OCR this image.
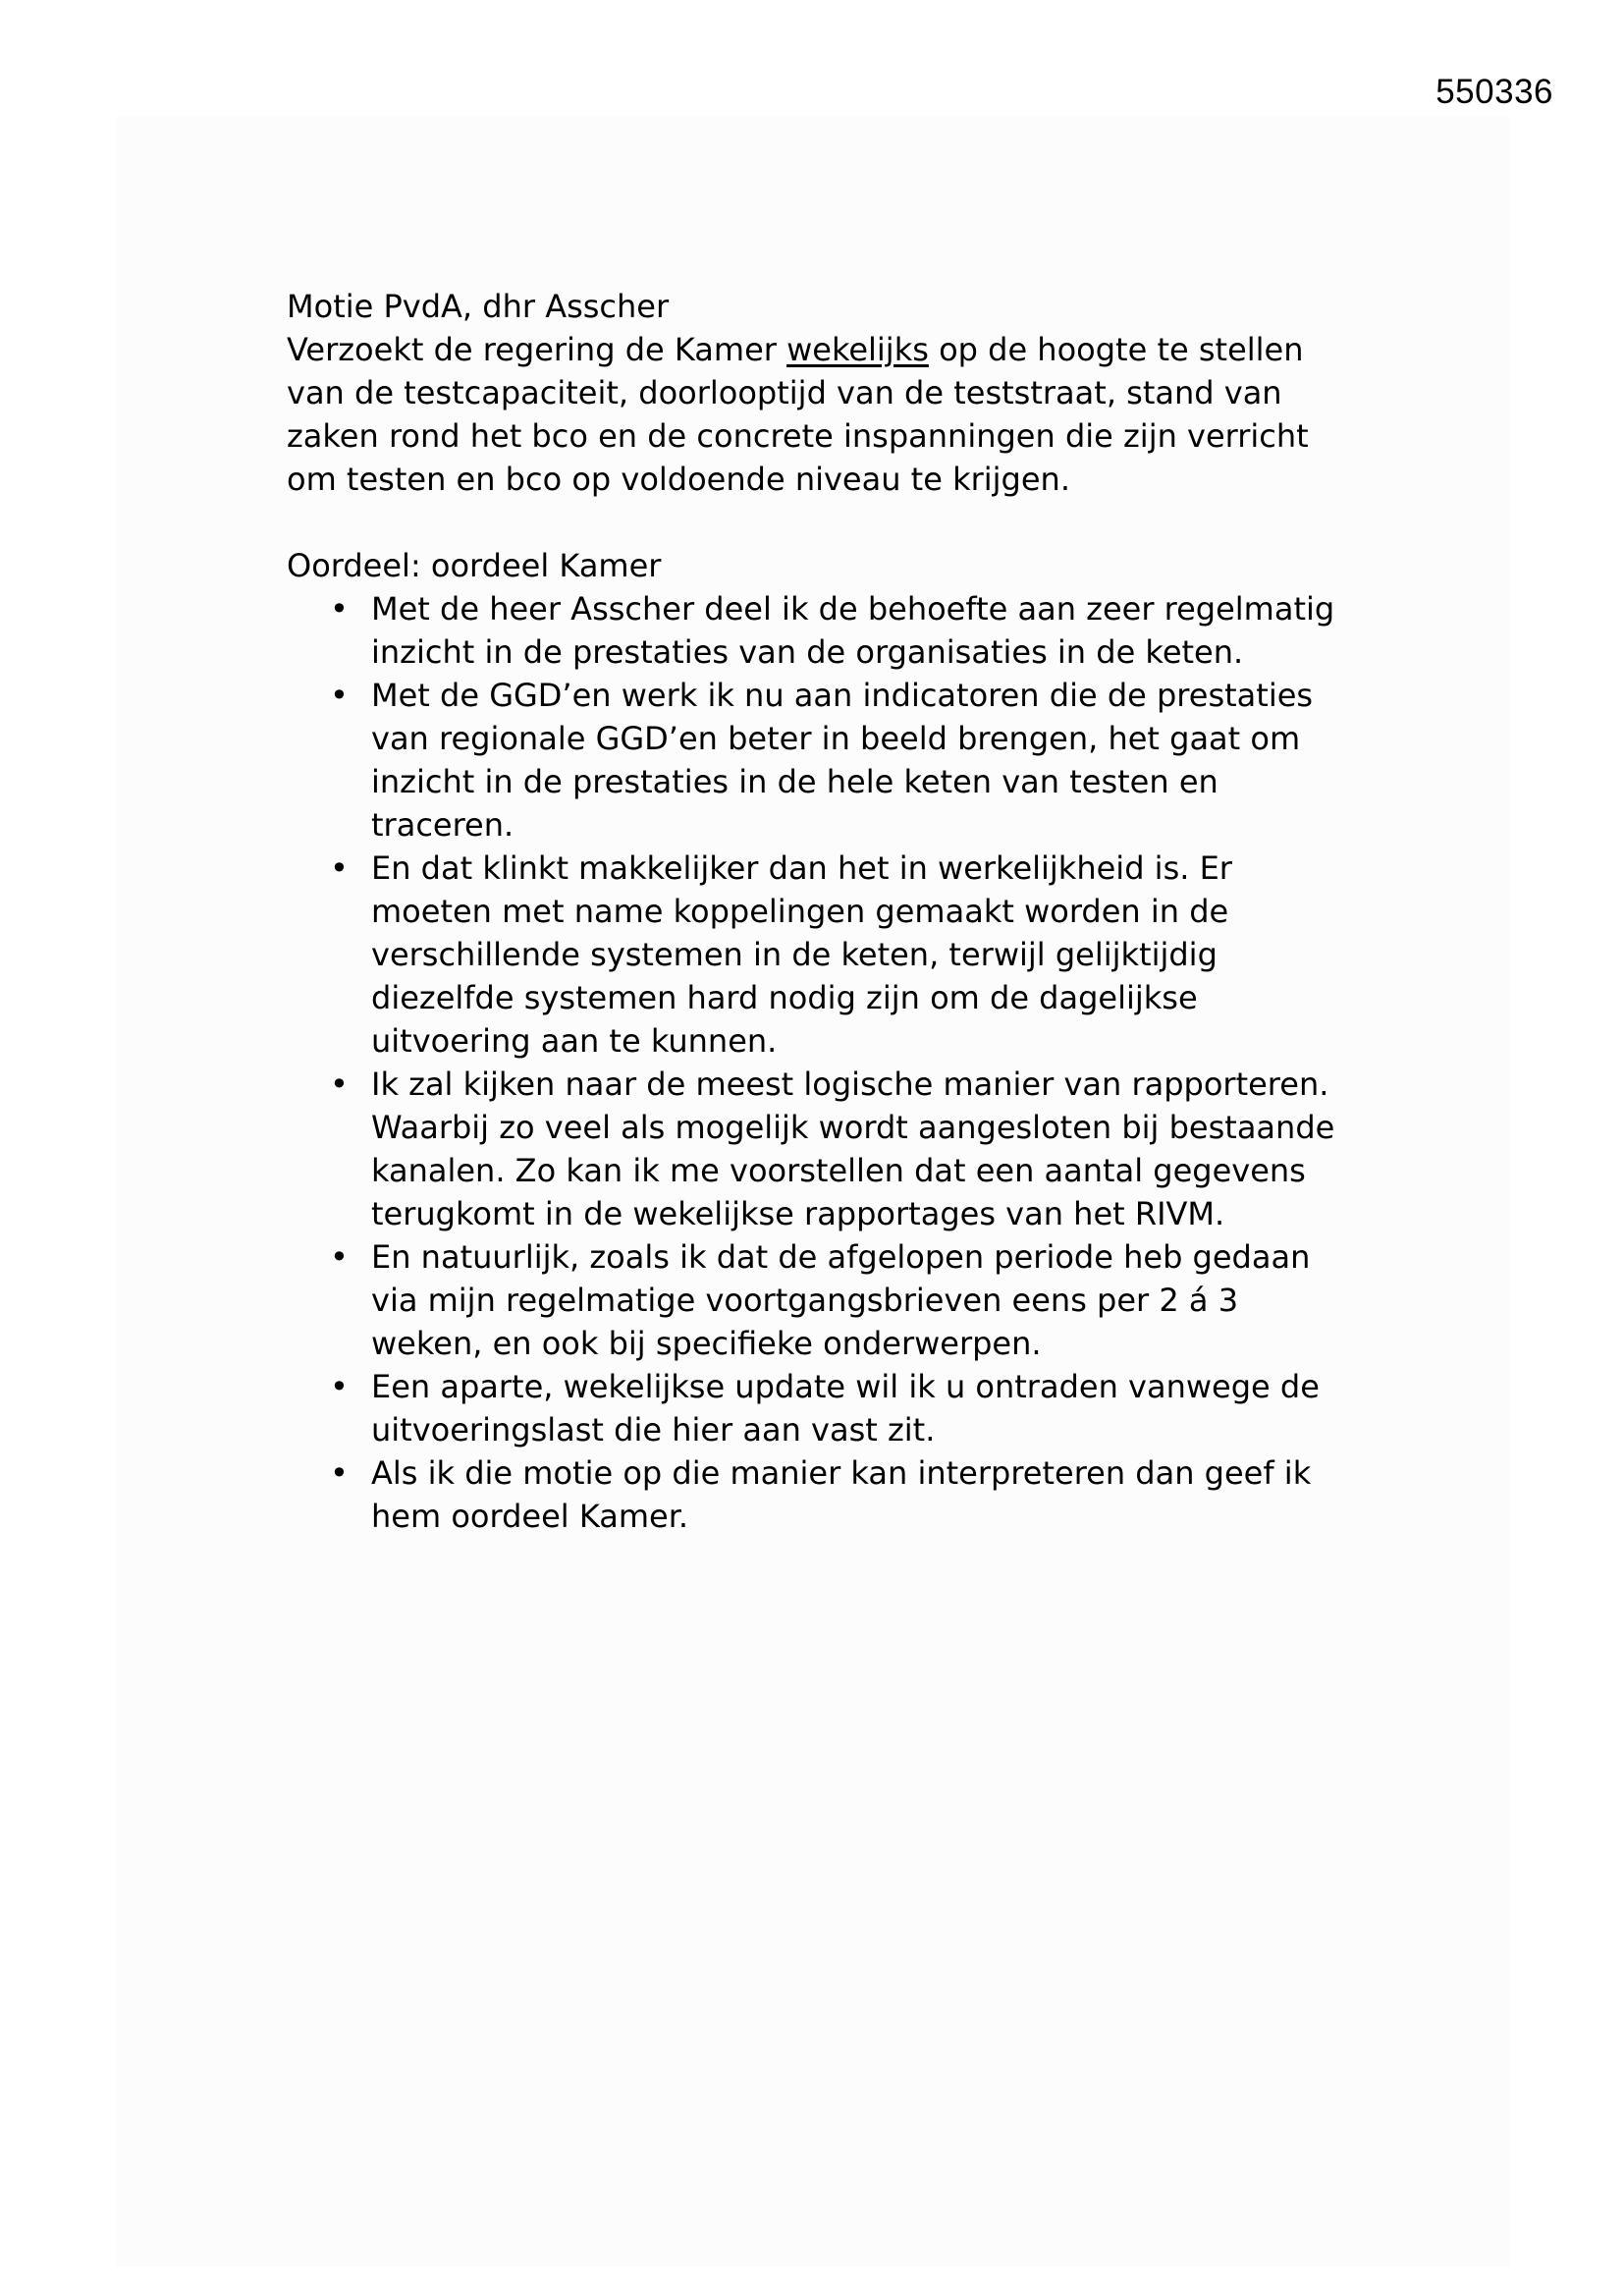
550336

Motie PvdA, dhr Asscher

Verzoekt de regering de Kamer wekelijks op de hoogte te stellen van de testcapaciteit, doorlooptijd van de teststraat, stand van zaken rond het bco en de concrete inspanningen die zijn verricht om testen en bco op voldoende niveau te krijgen.

Oordeel: oordeel Kamer

• Met de heer Asscher deel ik de behoefte aan zeer regelmatig inzicht in de prestaties van de organisaties in de keten.
• Met de GGD’en werk ik nu aan indicatoren die de prestaties van regionale GGD’en beter in beeld brengen, het gaat om inzicht in de prestaties in de hele keten van testen en traceren.
• En dat klinkt makkelijker dan het in werkelijkheid is. Er moeten met name koppelingen gemaakt worden in de verschillende systemen in de keten, terwijl gelijktijdig diezelfde systemen hard nodig zijn om de dagelijkse uitvoering aan te kunnen.
• Ik zal kijken naar de meest logische manier van rapporteren. Waarbij zo veel als mogelijk wordt aangesloten bij bestaande kanalen. Zo kan ik me voorstellen dat een aantal gegevens terugkomt in de wekelijkse rapportages van het RIVM.
• En natuurlijk, zoals ik dat de afgelopen periode heb gedaan via mijn regelmatige voortgangsbrieven eens per 2 á 3 weken, en ook bij specifieke onderwerpen.
• Een aparte, wekelijkse update wil ik u ontraden vanwege de uitvoeringslast die hier aan vast zit.
• Als ik die motie op die manier kan interpreteren dan geef ik hem oordeel Kamer.
